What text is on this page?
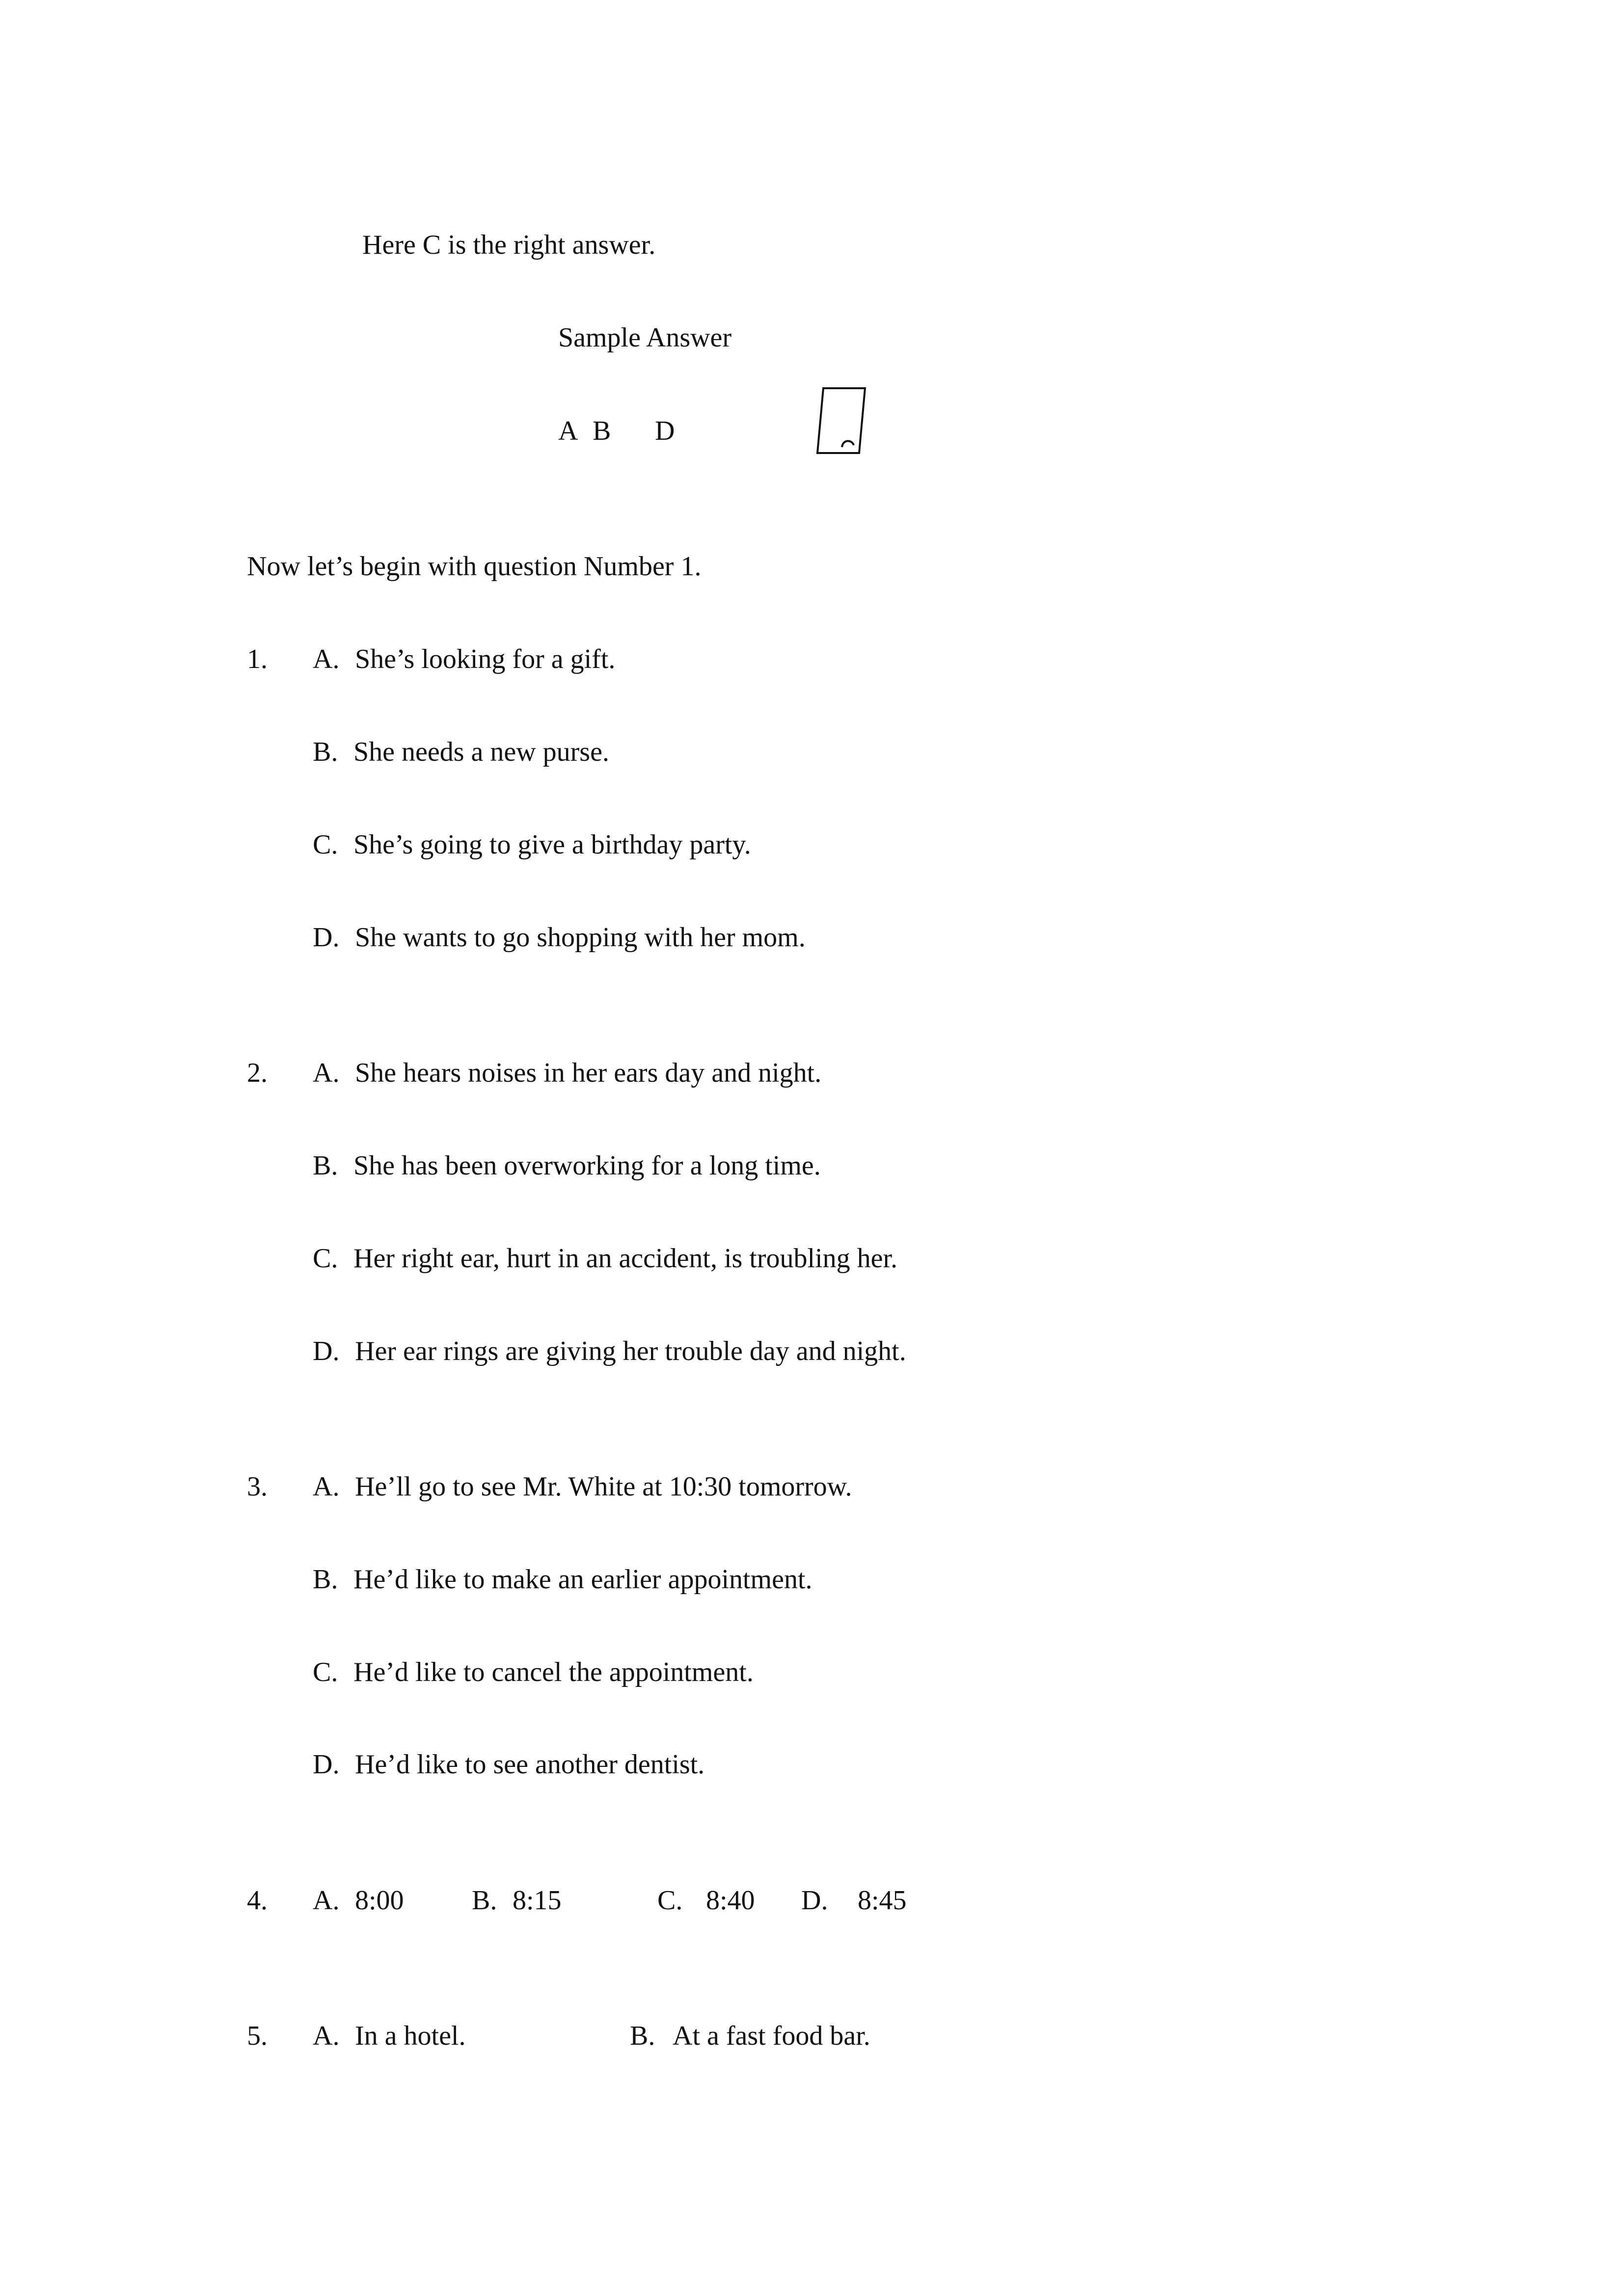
Here C is the right answer.
Sample Answer
A B D
Now let’s begin with question Number 1.
1. A. She’s looking for a gift.
B. She needs a new purse.
C. She’s going to give a birthday party.
D. She wants to go shopping with her mom.
2. A. She hears noises in her ears day and night.
B. She has been overworking for a long time.
C. Her right ear, hurt in an accident, is troubling her.
D. Her ear rings are giving her trouble day and night.
3. A. He’ll go to see Mr. White at 10:30 tomorrow.
B. He’d like to make an earlier appointment.
C. He’d like to cancel the appointment.
D. He’d like to see another dentist.
4. A. 8:00 B. 8:15	C. 8:40 D. 8:45
5. A. In a hotel.	B. At a fast food bar.
